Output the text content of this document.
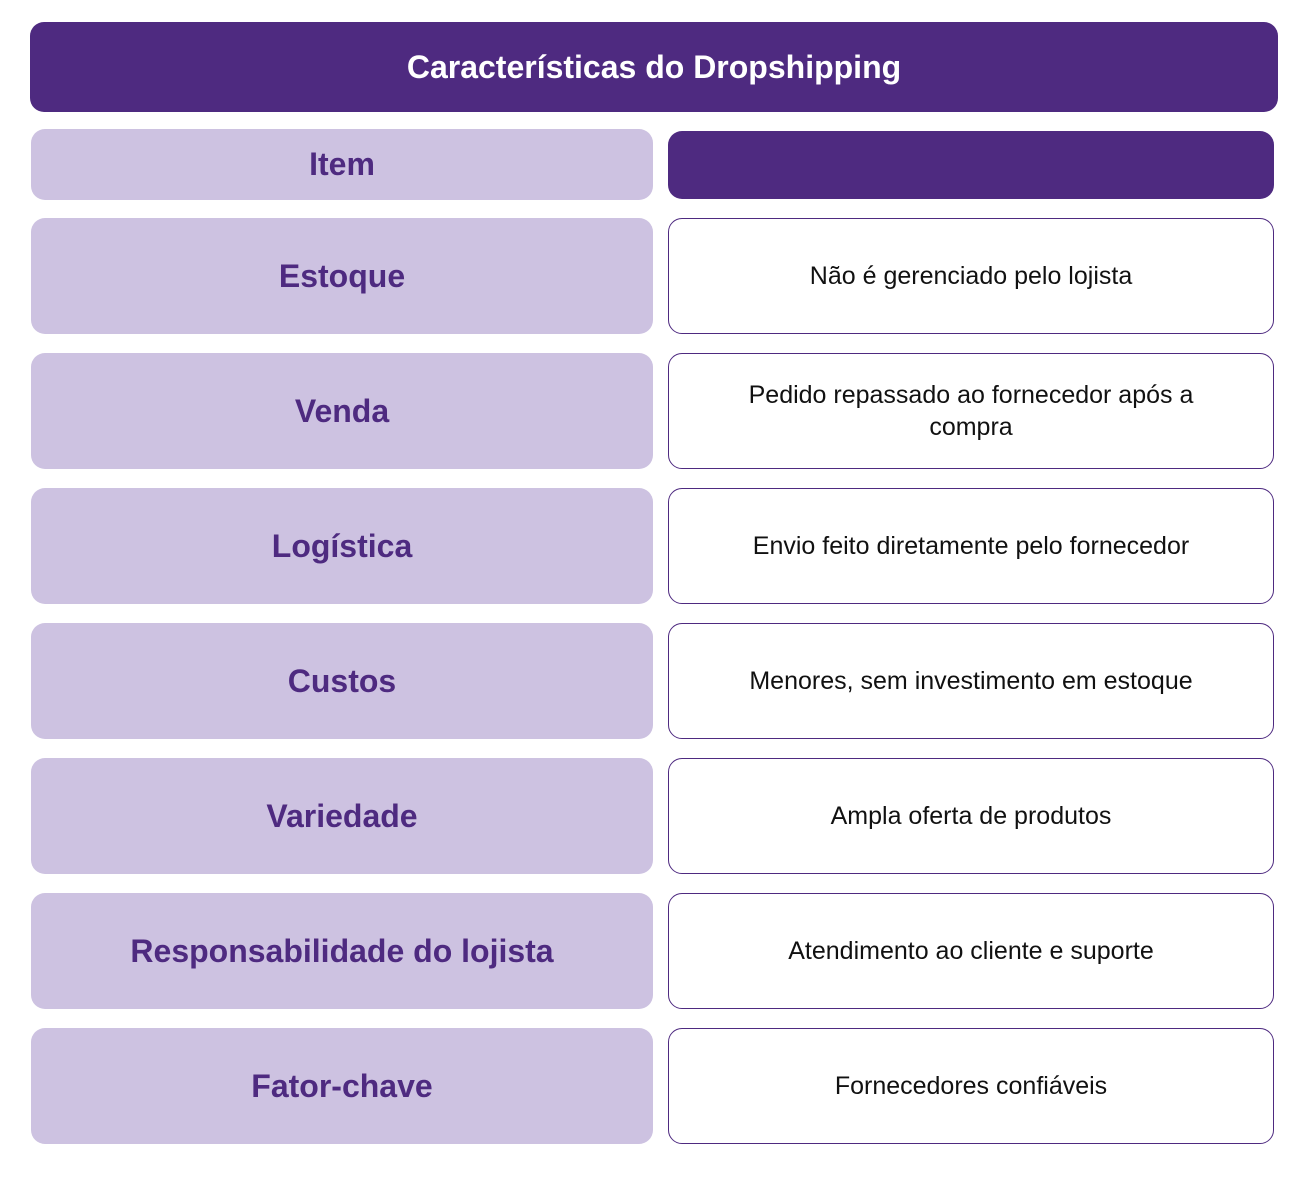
Características do Dropshipping
Item
Estoque	Não é gerenciado pelo lojista
Venda	Pedido repassado ao fornecedor após a compra
Logística	Envio feito diretamente pelo fornecedor
Custos	Menores, sem investimento em estoque
Variedade	Ampla oferta de produtos
Responsabilidade do lojista	Atendimento ao cliente e suporte
Fator-chave	Fornecedores confiáveis
